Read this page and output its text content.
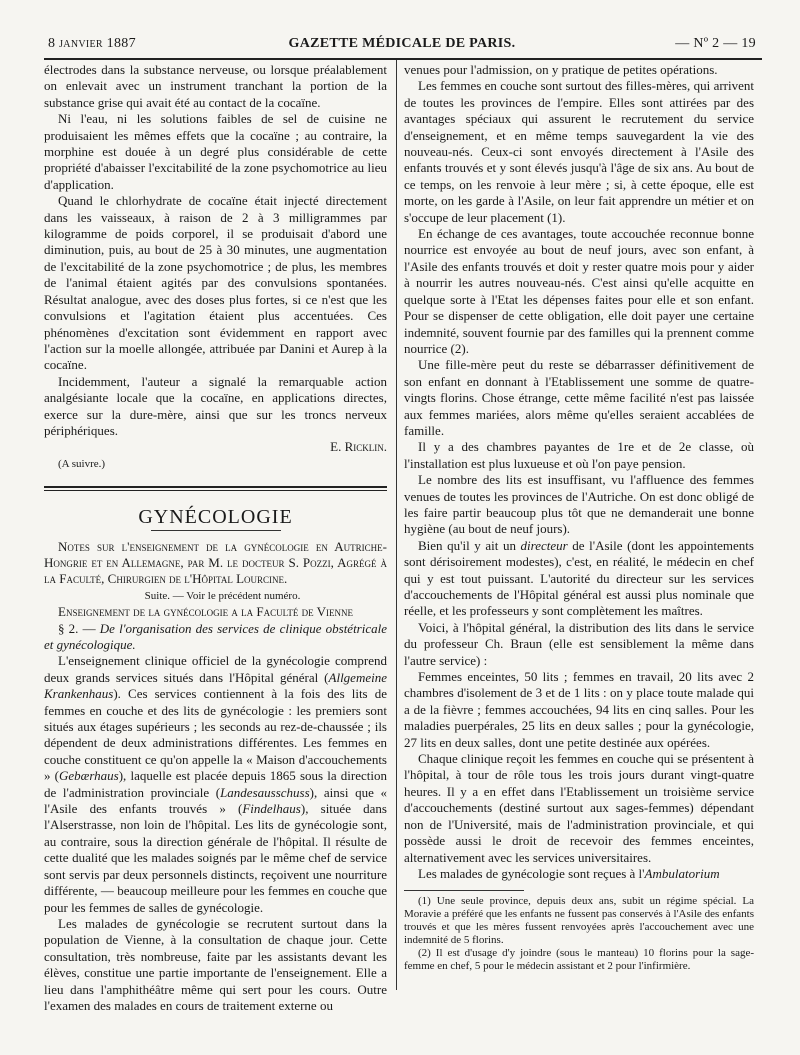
8 janvier 1887	GAZETTE MÉDICALE DE PARIS.	— Nº 2 — 19

électrodes dans la substance nerveuse, ou lorsque préalablement on enlevait avec un instrument tranchant la portion de la substance grise qui avait été au contact de la cocaïne.

Ni l'eau, ni les solutions faibles de sel de cuisine ne produisaient les mêmes effets que la cocaïne ; au contraire, la morphine est douée à un degré plus considérable de cette propriété d'abaisser l'excitabilité de la zone psychomotrice au lieu d'application.

Quand le chlorhydrate de cocaïne était injecté directement dans les vaisseaux, à raison de 2 à 3 milligrammes par kilogramme de poids corporel, il se produisait d'abord une diminution, puis, au bout de 25 à 30 minutes, une augmentation de l'excitabilité de la zone psychomotrice ; de plus, les membres de l'animal étaient agités par des convulsions spontanées. Résultat analogue, avec des doses plus fortes, si ce n'est que les convulsions et l'agitation étaient plus accentuées. Ces phénomènes d'excitation sont évidemment en rapport avec l'action sur la moelle allongée, attribuée par Danini et Aurep à la cocaïne.

Incidemment, l'auteur a signalé la remarquable action analgésiante locale que la cocaïne, en applications directes, exerce sur la dure-mère, ainsi que sur les troncs nerveux périphériques.

E. Ricklin.

(A suivre.)

GYNÉCOLOGIE

Notes sur l'enseignement de la gynécologie en Autriche-Hongrie et en Allemagne, par M. le docteur S. Pozzi, Agrégé à la Faculté, Chirurgien de l'Hôpital Lourcine.

Suite. — Voir le précédent numéro.

Enseignement de la gynécologie a la Faculté de Vienne

§ 2. — De l'organisation des services de clinique obstétricale et gynécologique.

L'enseignement clinique officiel de la gynécologie comprend deux grands services situés dans l'Hôpital général (Allgemeine Krankenhaus). Ces services contiennent à la fois des lits de femmes en couche et des lits de gynécologie : les premiers sont situés aux étages supérieurs ; les seconds au rez-de-chaussée ; ils dépendent de deux administrations différentes. Les femmes en couche constituent ce qu'on appelle la « Maison d'accouchements » (Gebærhaus), laquelle est placée depuis 1865 sous la direction de l'administration provinciale (Landesausschuss), ainsi que « l'Asile des enfants trouvés » (Findelhaus), située dans l'Alserstrasse, non loin de l'hôpital. Les lits de gynécologie sont, au contraire, sous la direction générale de l'hôpital. Il résulte de cette dualité que les malades soignés par le même chef de service sont servis par deux personnels distincts, reçoivent une nourriture différente, — beaucoup meilleure pour les femmes en couche que pour les femmes de salles de gynécologie.

Les malades de gynécologie se recrutent surtout dans la population de Vienne, à la consultation de chaque jour. Cette consultation, très nombreuse, faite par les assistants devant les élèves, constitue une partie importante de l'enseignement. Elle a lieu dans l'amphithéâtre même qui sert pour les cours. Outre l'examen des malades en cours de traitement externe ou

venues pour l'admission, on y pratique de petites opérations.

Les femmes en couche sont surtout des filles-mères, qui arrivent de toutes les provinces de l'empire. Elles sont attirées par des avantages spéciaux qui assurent le recrutement du service d'enseignement, et en même temps sauvegardent la vie des nouveau-nés. Ceux-ci sont envoyés directement à l'Asile des enfants trouvés et y sont élevés jusqu'à l'âge de six ans. Au bout de ce temps, on les renvoie à leur mère ; si, à cette époque, elle est morte, on les garde à l'Asile, on leur fait apprendre un métier et on s'occupe de leur placement (1).

En échange de ces avantages, toute accouchée reconnue bonne nourrice est envoyée au bout de neuf jours, avec son enfant, à l'Asile des enfants trouvés et doit y rester quatre mois pour y aider à nourrir les autres nouveau-nés. C'est ainsi qu'elle acquitte en quelque sorte à l'Etat les dépenses faites pour elle et son enfant. Pour se dispenser de cette obligation, elle doit payer une certaine indemnité, souvent fournie par des familles qui la prennent comme nourrice (2).

Une fille-mère peut du reste se débarrasser définitivement de son enfant en donnant à l'Etablissement une somme de quatre-vingts florins. Chose étrange, cette même facilité n'est pas laissée aux femmes mariées, alors même qu'elles seraient accablées de famille.

Il y a des chambres payantes de 1re et de 2e classe, où l'installation est plus luxueuse et où l'on paye pension.

Le nombre des lits est insuffisant, vu l'affluence des femmes venues de toutes les provinces de l'Autriche. On est donc obligé de les faire partir beaucoup plus tôt que ne demanderait une bonne hygiène (au bout de neuf jours).

Bien qu'il y ait un directeur de l'Asile (dont les appointements sont dérisoirement modestes), c'est, en réalité, le médecin en chef qui y est tout puissant. L'autorité du directeur sur les services d'accouchements de l'Hôpital général est aussi plus nominale que réelle, et les professeurs y sont complètement les maîtres.

Voici, à l'hôpital général, la distribution des lits dans le service du professeur Ch. Braun (elle est sensiblement la même dans l'autre service) :

Femmes enceintes, 50 lits ; femmes en travail, 20 lits avec 2 chambres d'isolement de 3 et de 1 lits : on y place toute malade qui a de la fièvre ; femmes accouchées, 94 lits en cinq salles. Pour les maladies puerpérales, 25 lits en deux salles ; pour la gynécologie, 27 lits en deux salles, dont une petite destinée aux opérées.

Chaque clinique reçoit les femmes en couche qui se présentent à l'hôpital, à tour de rôle tous les trois jours durant vingt-quatre heures. Il y a en effet dans l'Etablissement un troisième service d'accouchements (destiné surtout aux sages-femmes) dépendant non de l'Université, mais de l'administration provinciale, et qui possède aussi le droit de recevoir des femmes enceintes, alternativement avec les services universitaires.

Les malades de gynécologie sont reçues à l'Ambulatorium

(1) Une seule province, depuis deux ans, subit un régime spécial. La Moravie a préféré que les enfants ne fussent pas conservés à l'Asile des enfants trouvés et que les mères fussent renvoyées après l'accouchement avec une indemnité de 5 florins.

(2) Il est d'usage d'y joindre (sous le manteau) 10 florins pour la sage-femme en chef, 5 pour le médecin assistant et 2 pour l'infirmière.
